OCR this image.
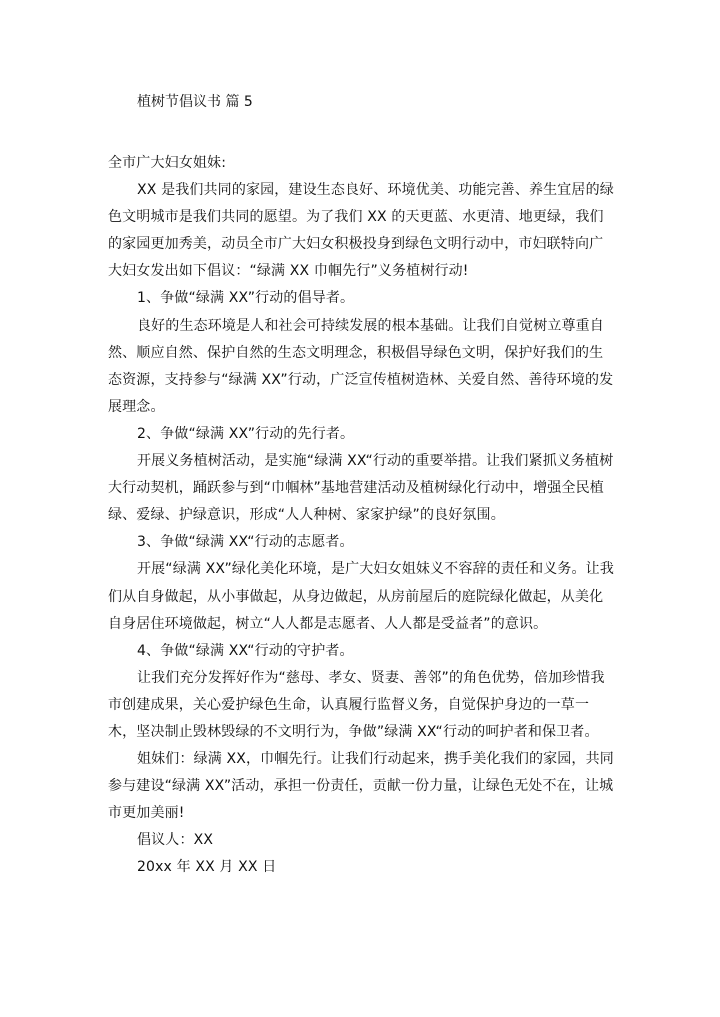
植树节倡议书 篇 5

全市广大妇女姐妹:

XX 是我们共同的家园，建设生态良好、环境优美、功能完善、养生宜居的绿色文明城市是我们共同的愿望。为了我们 XX 的天更蓝、水更清、地更绿，我们的家园更加秀美，动员全市广大妇女积极投身到绿色文明行动中，市妇联特向广大妇女发出如下倡议：“绿满 XX 巾帼先行”义务植树行动!

1、争做“绿满 XX”行动的倡导者。

良好的生态环境是人和社会可持续发展的根本基础。让我们自觉树立尊重自然、顺应自然、保护自然的生态文明理念，积极倡导绿色文明，保护好我们的生态资源，支持参与“绿满 XX”行动，广泛宣传植树造林、关爱自然、善待环境的发展理念。

2、争做“绿满 XX”行动的先行者。

开展义务植树活动，是实施“绿满 XX“行动的重要举措。让我们紧抓义务植树大行动契机，踊跃参与到“巾帼林”基地营建活动及植树绿化行动中，增强全民植绿、爱绿、护绿意识，形成“人人种树、家家护绿”的良好氛围。

3、争做“绿满 XX“行动的志愿者。

开展“绿满 XX”绿化美化环境，是广大妇女姐妹义不容辞的责任和义务。让我们从自身做起，从小事做起，从身边做起，从房前屋后的庭院绿化做起，从美化自身居住环境做起，树立“人人都是志愿者、人人都是受益者”的意识。

4、争做“绿满 XX“行动的守护者。

让我们充分发挥好作为“慈母、孝女、贤妻、善邻”的角色优势，倍加珍惜我市创建成果，关心爱护绿色生命，认真履行监督义务，自觉保护身边的一草一木，坚决制止毁林毁绿的不文明行为，争做”绿满 XX“行动的呵护者和保卫者。

姐妹们：绿满 XX，巾帼先行。让我们行动起来，携手美化我们的家园，共同参与建设“绿满 XX”活动，承担一份责任，贡献一份力量，让绿色无处不在，让城市更加美丽!

倡议人：XX

20xx 年 XX 月 XX 日
